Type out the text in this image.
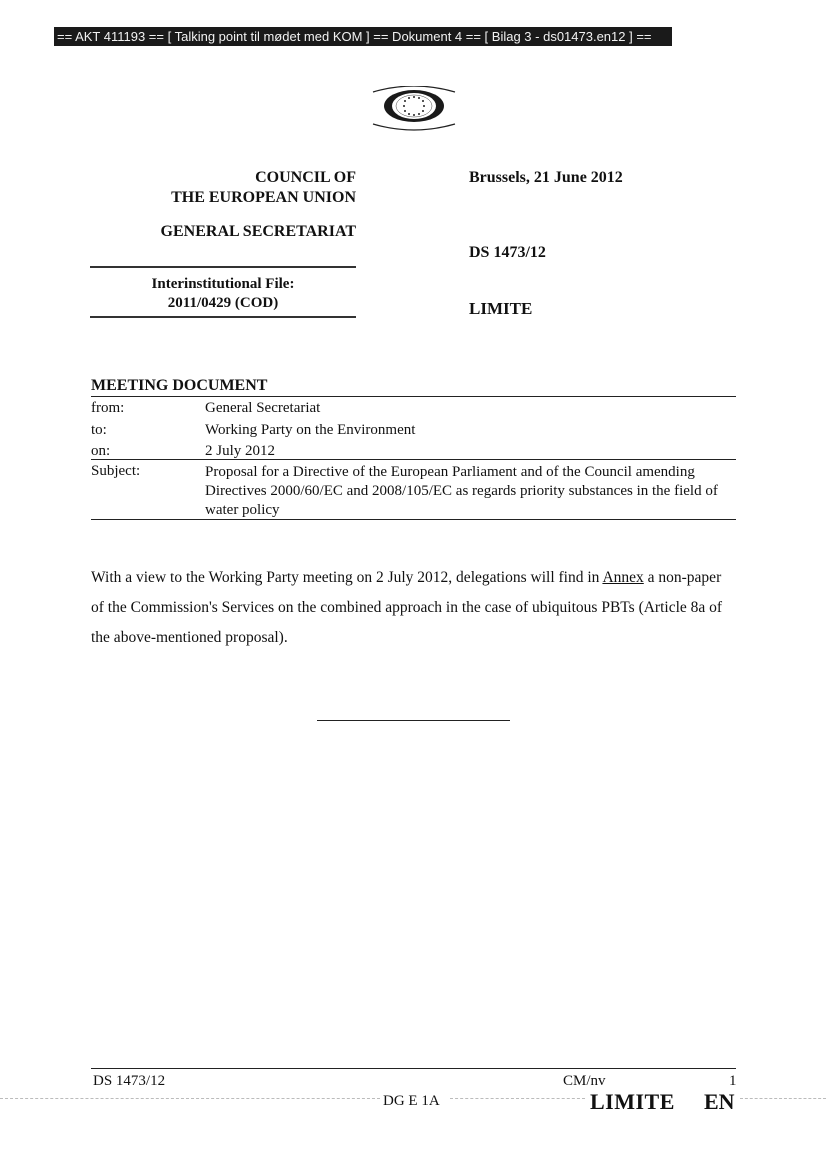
== AKT 411193 == [ Talking point til mødet med KOM ] == Dokument 4 == [ Bilag 3 - ds01473.en12 ] ==
COUNCIL OF
THE EUROPEAN UNION
GENERAL SECRETARIAT
Interinstitutional File:
2011/0429 (COD)
Brussels, 21 June 2012
DS 1473/12
LIMITE
MEETING DOCUMENT
from:	General Secretariat
to:	Working Party on the Environment
on:	2 July 2012
Subject:	Proposal for a Directive of the European Parliament and of the Council amending Directives 2000/60/EC and 2008/105/EC as regards priority substances in the field of water policy
With a view to the Working Party meeting on 2 July 2012, delegations will find in Annex a non-paper of the Commission's Services on the combined approach in the case of ubiquitous PBTs (Article 8a of the above-mentioned proposal).
DS 1473/12	CM/nv	1
DG E 1A	LIMITE EN
